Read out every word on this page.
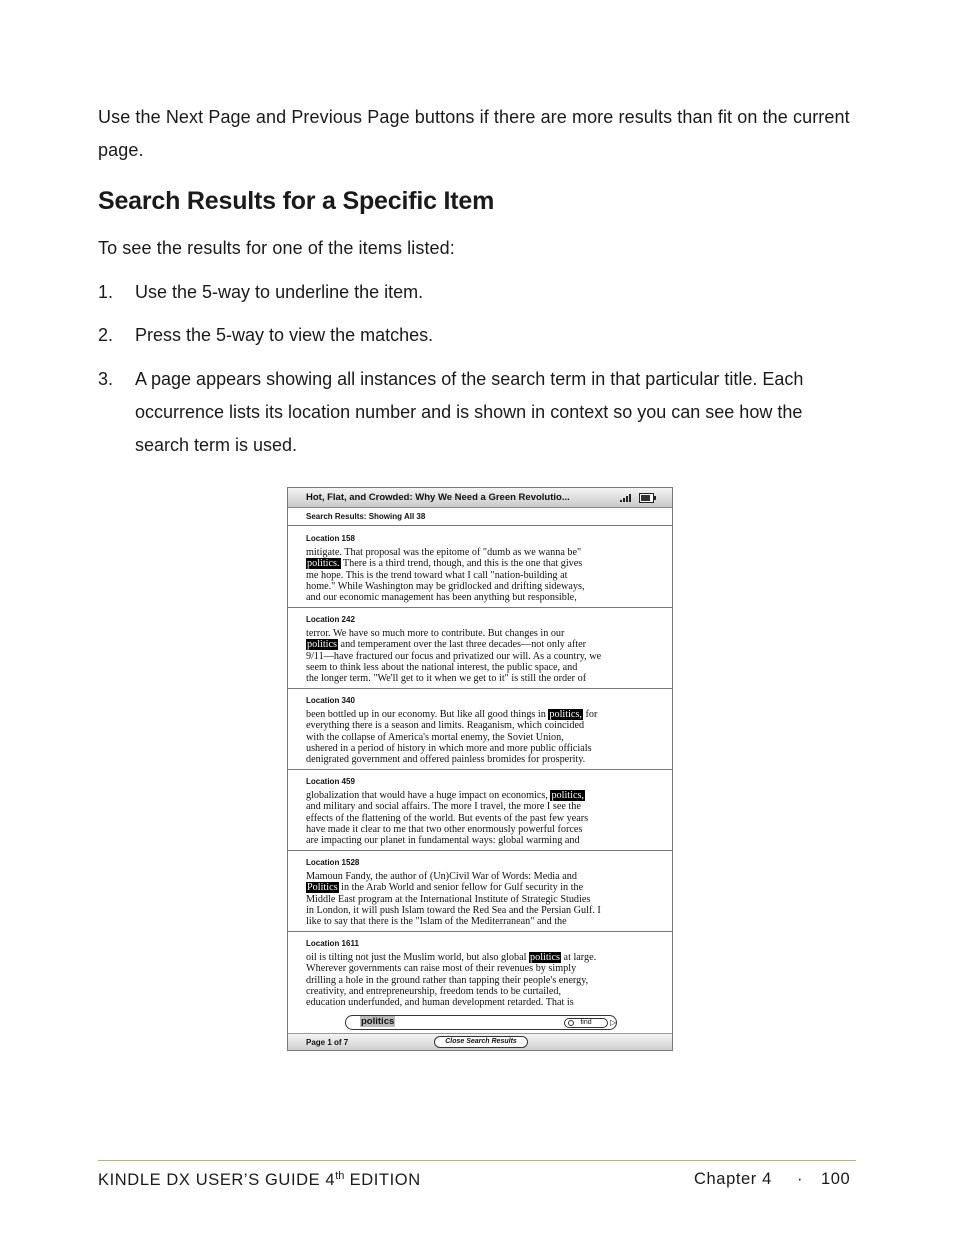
Use the Next Page and Previous Page buttons if there are more results than fit on the current page.

Search Results for a Specific Item

To see the results for one of the items listed:

1. Use the 5-way to underline the item.
2. Press the 5-way to view the matches.
3. A page appears showing all instances of the search term in that particular title. Each occurrence lists its location number and is shown in context so you can see how the search term is used.
Hot, Flat, and Crowded: Why We Need a Green Revolutio...
Search Results: Showing All 38
Location 158
mitigate. That proposal was the epitome of "dumb as we wanna be"
politics. There is a third trend, though, and this is the one that gives
me hope. This is the trend toward what I call "nation-building at
home." While Washington may be gridlocked and drifting sideways,
and our economic management has been anything but responsible,
Location 242
terror. We have so much more to contribute. But changes in our
politics and temperament over the last three decades—not only after
9/11—have fractured our focus and privatized our will. As a country, we
seem to think less about the national interest, the public space, and
the longer term. "We'll get to it when we get to it" is still the order of
Location 340
been bottled up in our economy. But like all good things in politics, for
everything there is a season and limits. Reaganism, which coincided
with the collapse of America's mortal enemy, the Soviet Union,
ushered in a period of history in which more and more public officials
denigrated government and offered painless bromides for prosperity.
Location 459
globalization that would have a huge impact on economics, politics,
and military and social affairs. The more I travel, the more I see the
effects of the flattening of the world. But events of the past few years
have made it clear to me that two other enormously powerful forces
are impacting our planet in fundamental ways: global warming and
Location 1528
Mamoun Fandy, the author of (Un)Civil War of Words: Media and
Politics in the Arab World and senior fellow for Gulf security in the
Middle East program at the International Institute of Strategic Studies
in London, it will push Islam toward the Red Sea and the Persian Gulf. I
like to say that there is the "Islam of the Mediterranean" and the
Location 1611
oil is tilting not just the Muslim world, but also global politics at large.
Wherever governments can raise most of their revenues by simply
drilling a hole in the ground rather than tapping their people's energy,
creativity, and entrepreneurship, freedom tends to be curtailed,
education underfunded, and human development retarded. That is
politics	find	▷
Page 1 of 7	Close Search Results
KINDLE DX USER’S GUIDE 4th EDITION	Chapter 4 · 100
